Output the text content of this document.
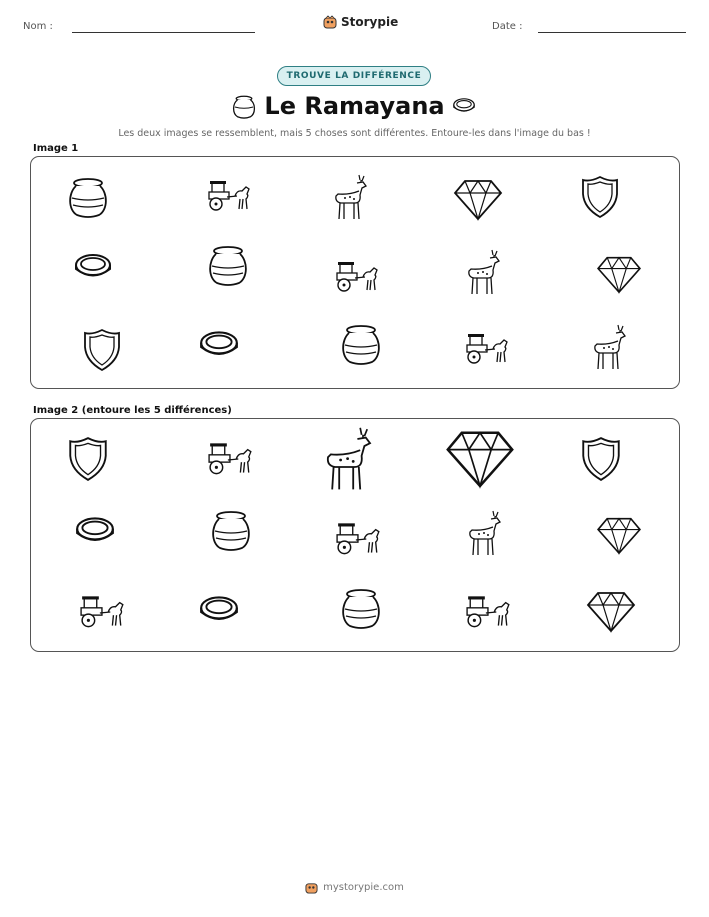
Nom :	Storypie	Date :
TROUVE LA DIFFÉRENCE
Le Ramayana
Les deux images se ressemblent, mais 5 choses sont différentes. Entoure-les dans l'image du bas !
Image 1
Image 2 (entoure les 5 différences)
mystorypie.com
